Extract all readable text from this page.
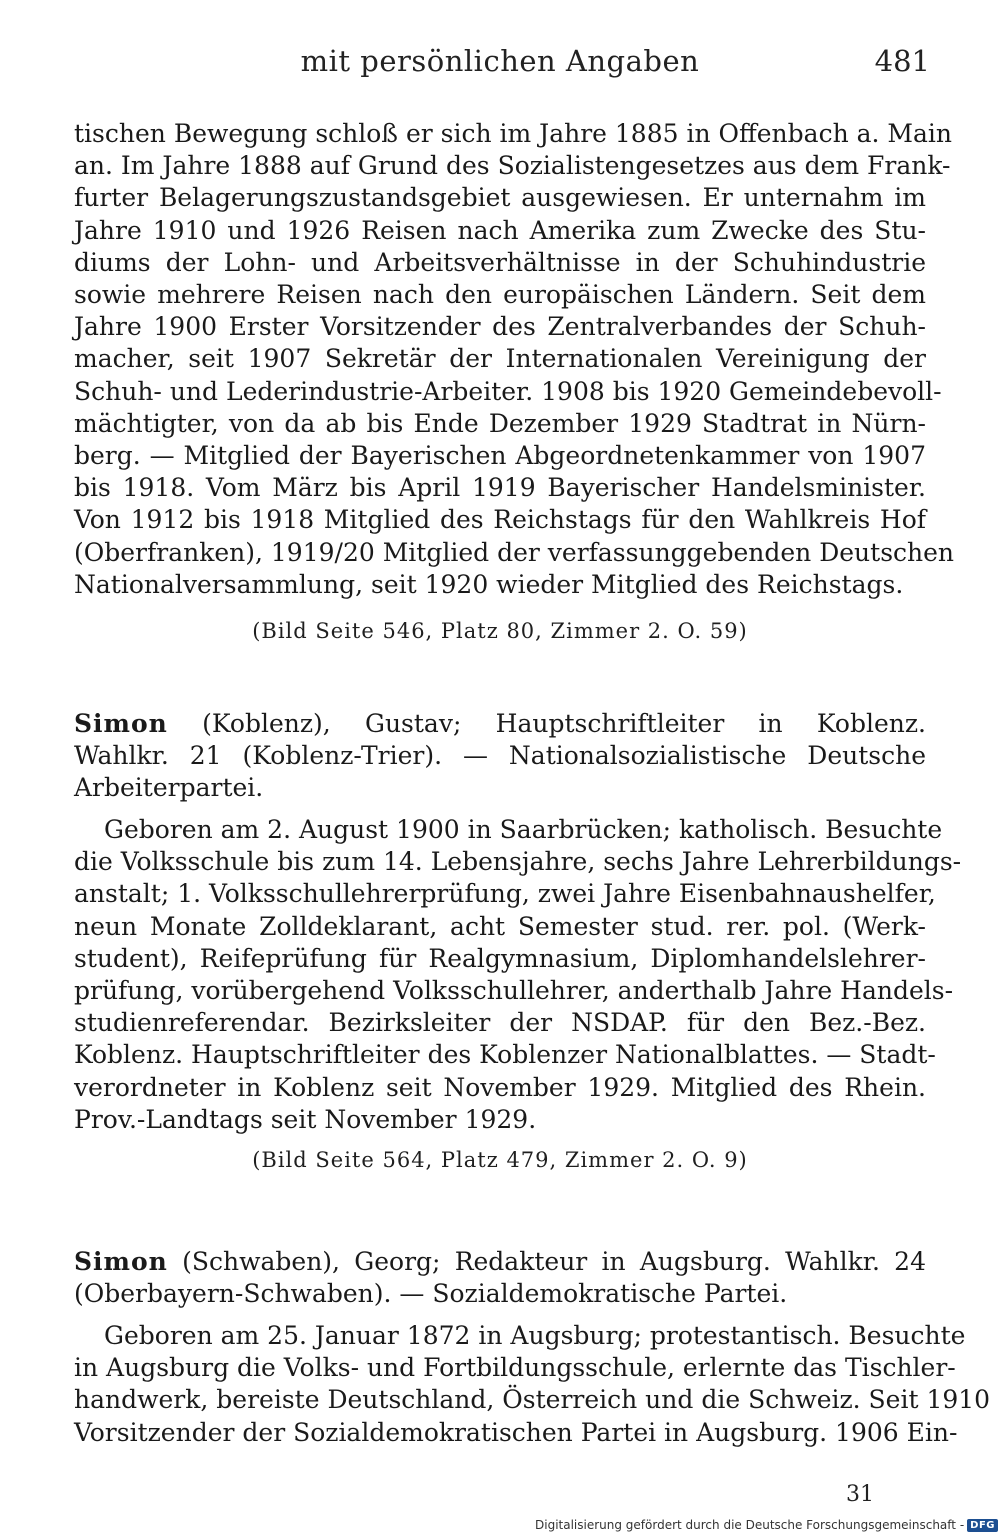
mit persönlichen Angaben	481
tischen Bewegung schloß er sich im Jahre 1885 in Offenbach a. Main
an. Im Jahre 1888 auf Grund des Sozialistengesetzes aus dem Frank-
furter Belagerungszustandsgebiet ausgewiesen. Er unternahm im
Jahre 1910 und 1926 Reisen nach Amerika zum Zwecke des Stu-
diums der Lohn- und Arbeitsverhältnisse in der Schuhindustrie
sowie mehrere Reisen nach den europäischen Ländern. Seit dem
Jahre 1900 Erster Vorsitzender des Zentralverbandes der Schuh-
macher, seit 1907 Sekretär der Internationalen Vereinigung der
Schuh- und Lederindustrie-Arbeiter. 1908 bis 1920 Gemeindebevoll-
mächtigter, von da ab bis Ende Dezember 1929 Stadtrat in Nürn-
berg. — Mitglied der Bayerischen Abgeordnetenkammer von 1907
bis 1918. Vom März bis April 1919 Bayerischer Handelsminister.
Von 1912 bis 1918 Mitglied des Reichstags für den Wahlkreis Hof
(Oberfranken), 1919/20 Mitglied der verfassunggebenden Deutschen
Nationalversammlung, seit 1920 wieder Mitglied des Reichstags.
(Bild Seite 546, Platz 80, Zimmer 2. O. 59)
Simon (Koblenz), Gustav; Hauptschriftleiter in Koblenz.
Wahlkr. 21 (Koblenz-Trier). — Nationalsozialistische Deutsche
Arbeiterpartei.
Geboren am 2. August 1900 in Saarbrücken; katholisch. Besuchte
die Volksschule bis zum 14. Lebensjahre, sechs Jahre Lehrerbildungs-
anstalt; 1. Volksschullehrerprüfung, zwei Jahre Eisenbahnaushelfer,
neun Monate Zolldeklarant, acht Semester stud. rer. pol. (Werk-
student), Reifeprüfung für Realgymnasium, Diplomhandelslehrer-
prüfung, vorübergehend Volksschullehrer, anderthalb Jahre Handels-
studienreferendar. Bezirksleiter der NSDAP. für den Bez.-Bez.
Koblenz. Hauptschriftleiter des Koblenzer Nationalblattes. — Stadt-
verordneter in Koblenz seit November 1929. Mitglied des Rhein.
Prov.-Landtags seit November 1929.
(Bild Seite 564, Platz 479, Zimmer 2. O. 9)
Simon (Schwaben), Georg; Redakteur in Augsburg. Wahlkr. 24
(Oberbayern-Schwaben). — Sozialdemokratische Partei.
Geboren am 25. Januar 1872 in Augsburg; protestantisch. Besuchte
in Augsburg die Volks- und Fortbildungsschule, erlernte das Tischler-
handwerk, bereiste Deutschland, Österreich und die Schweiz. Seit 1910
Vorsitzender der Sozialdemokratischen Partei in Augsburg. 1906 Ein-
31
Digitalisierung gefördert durch die Deutsche Forschungsgemeinschaft - DFG
